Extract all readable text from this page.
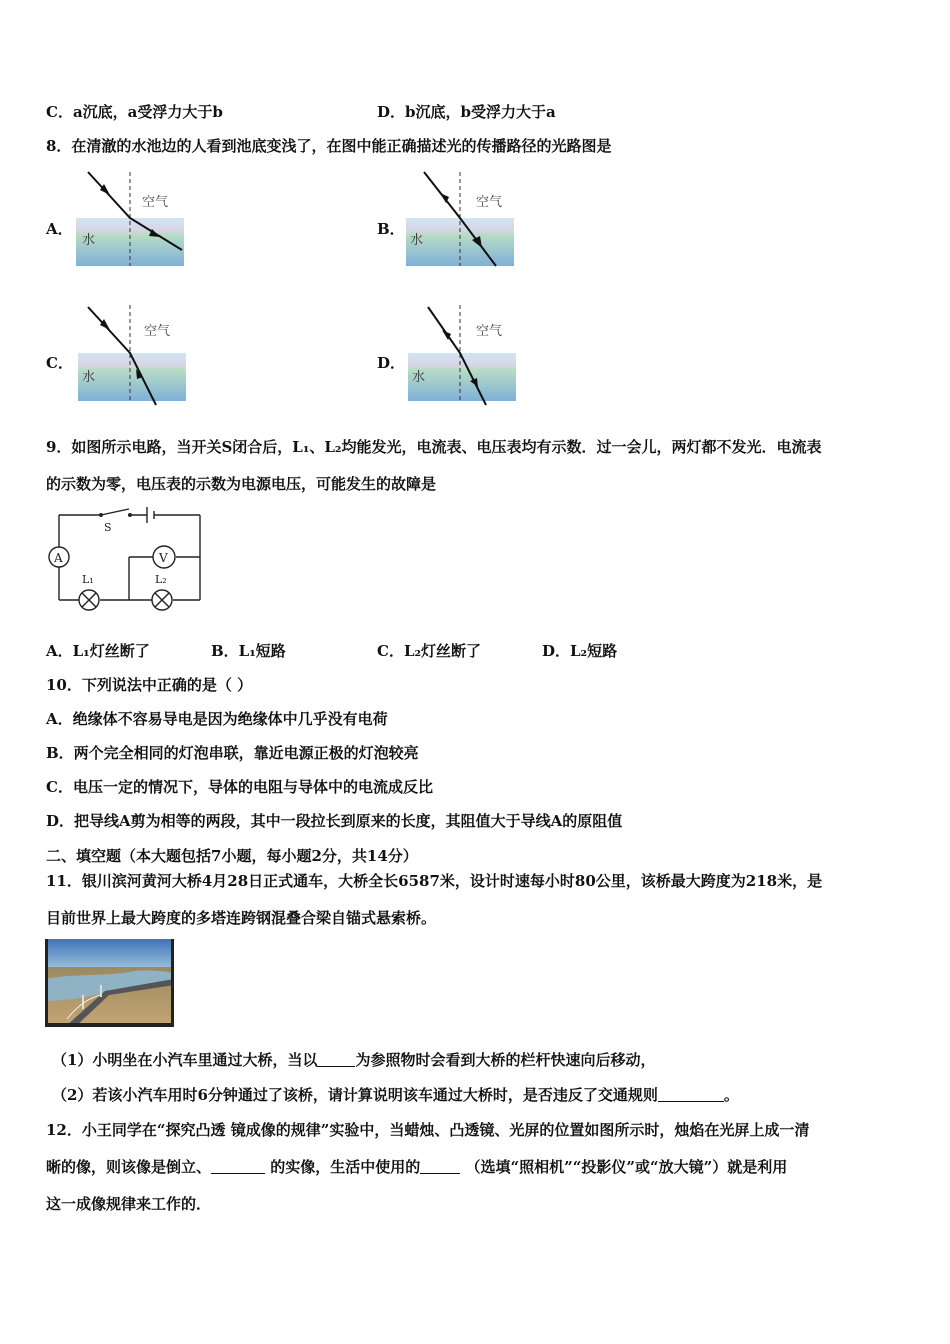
C．a沉底，a受浮力大于b	D．b沉底，b受浮力大于a
8．在清澈的水池边的人看到池底变浅了，在图中能正确描述光的传播路径的光路图是
A．	B．
C．	D．
空气
水
空气
水
空气
水
空气
水
9．如图所示电路，当开关S闭合后，L₁、L₂均能发光，电流表、电压表均有示数．过一会儿，两灯都不发光．电流表
的示数为零，电压表的示数为电源电压，可能发生的故障是
S
A	V
L₁	L₂
A．L₁灯丝断了	B．L₁短路	C．L₂灯丝断了	D．L₂短路
10．下列说法中正确的是（ ）
A．绝缘体不容易导电是因为绝缘体中几乎没有电荷
B．两个完全相同的灯泡串联，靠近电源正极的灯泡较亮
C．电压一定的情况下，导体的电阻与导体中的电流成反比
D．把导线A剪为相等的两段，其中一段拉长到原来的长度，其阻值大于导线A的原阻值
二、填空题（本大题包括7小题，每小题2分，共14分）
11．银川滨河黄河大桥4月28日正式通车，大桥全长6587米，设计时速每小时80公里，该桥最大跨度为218米，是
目前世界上最大跨度的多塔连跨钢混叠合梁自锚式悬索桥。
（1）小明坐在小汽车里通过大桥，当以	为参照物时会看到大桥的栏杆快速向后移动，
（2）若该小汽车用时6分钟通过了该桥，请计算说明该车通过大桥时，是否违反了交通规则	。
12．小王同学在“探究凸透 镜成像的规律”实验中，当蜡烛、凸透镜、光屏的位置如图所示时，烛焰在光屏上成一清
晰的像，则该像是倒立、	的实像，生活中使用的	（选填“照相机”“投影仪”或“放大镜”）就是利用
这一成像规律来工作的．
